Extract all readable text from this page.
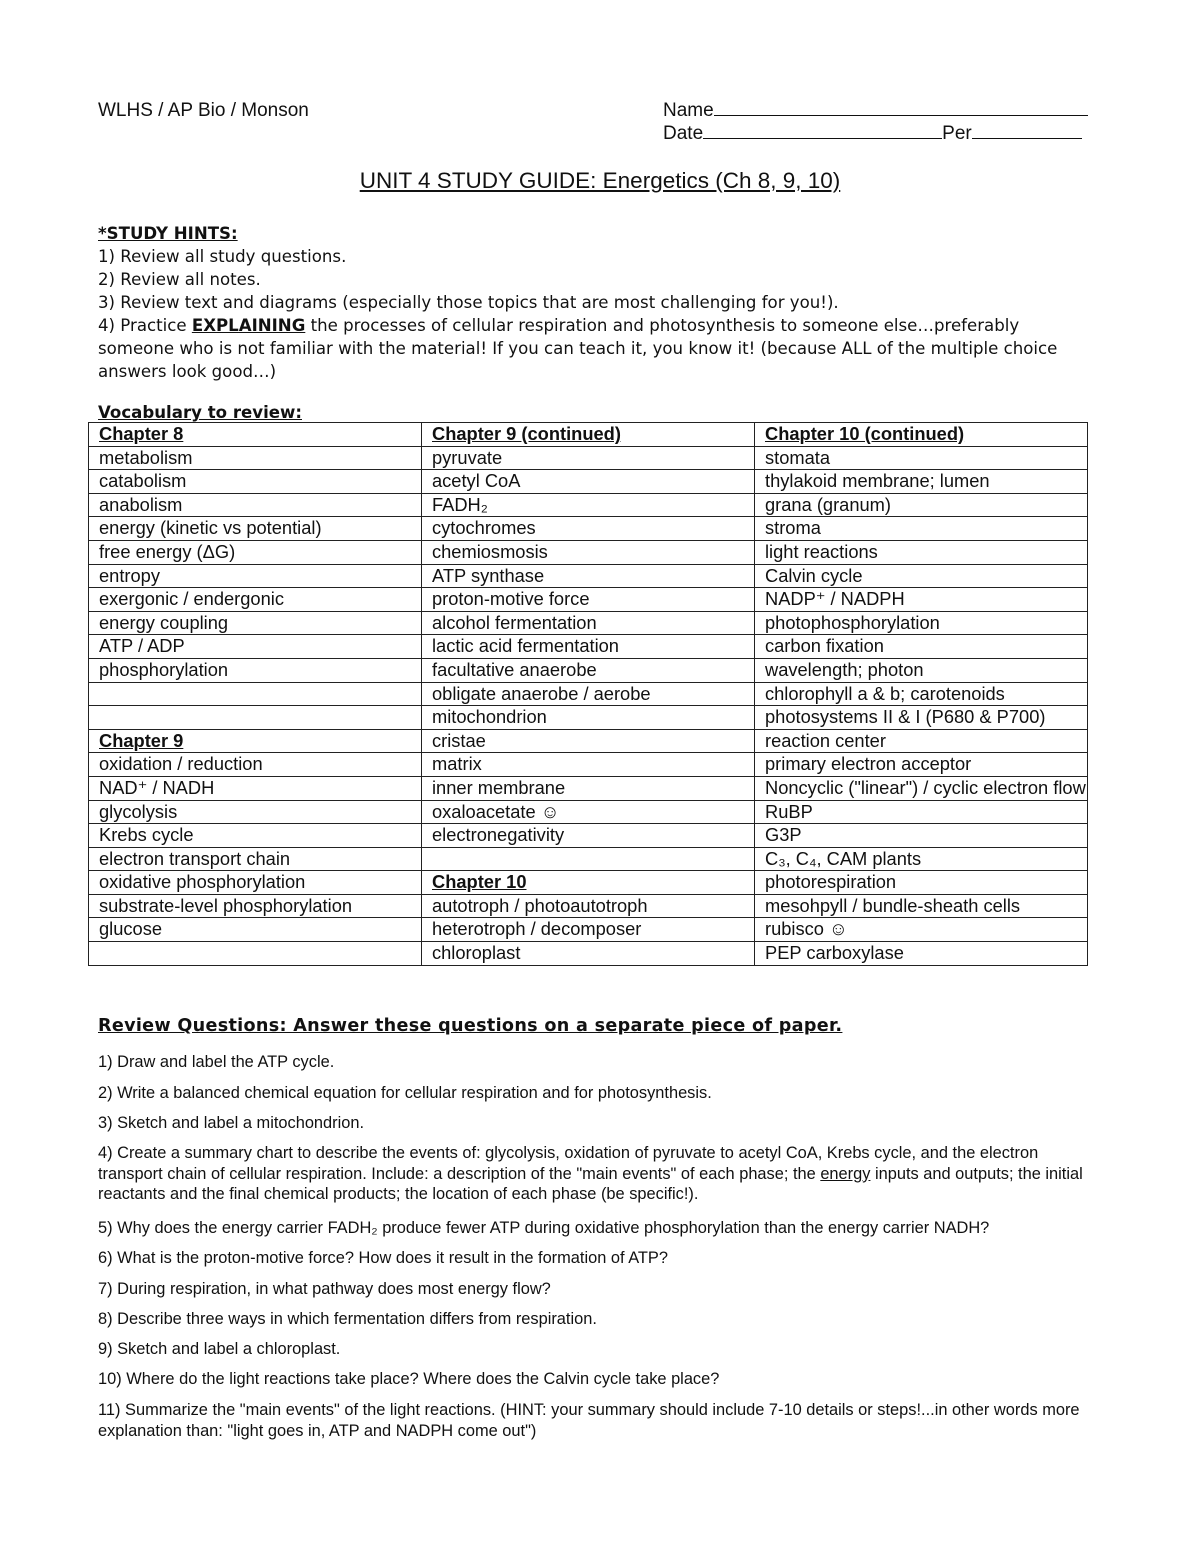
WLHS / AP Bio / Monson	Name
Date	Per
UNIT 4 STUDY GUIDE: Energetics (Ch 8, 9, 10)
*STUDY HINTS:
1) Review all study questions.
2) Review all notes.
3) Review text and diagrams (especially those topics that are most challenging for you!).
4) Practice EXPLAINING the processes of cellular respiration and photosynthesis to someone else…preferably someone who is not familiar with the material! If you can teach it, you know it! (because ALL of the multiple choice answers look good…)
Vocabulary to review:
Chapter 8	Chapter 9 (continued)	Chapter 10 (continued)
metabolism	pyruvate	stomata
catabolism	acetyl CoA	thylakoid membrane; lumen
anabolism	FADH₂	grana (granum)
energy (kinetic vs potential)	cytochromes	stroma
free energy (ΔG)	chemiosmosis	light reactions
entropy	ATP synthase	Calvin cycle
exergonic / endergonic	proton-motive force	NADP⁺ / NADPH
energy coupling	alcohol fermentation	photophosphorylation
ATP / ADP	lactic acid fermentation	carbon fixation
phosphorylation	facultative anaerobe	wavelength; photon
	obligate anaerobe / aerobe	chlorophyll a & b; carotenoids
	mitochondrion	photosystems II & I (P680 & P700)
Chapter 9	cristae	reaction center
oxidation / reduction	matrix	primary electron acceptor
NAD⁺ / NADH	inner membrane	Noncyclic ("linear") / cyclic electron flow
glycolysis	oxaloacetate ☺	RuBP
Krebs cycle	electronegativity	G3P
electron transport chain		C₃, C₄, CAM plants
oxidative phosphorylation	Chapter 10	photorespiration
substrate-level phosphorylation	autotroph / photoautotroph	mesohpyll / bundle-sheath cells
glucose	heterotroph / decomposer	rubisco ☺
	chloroplast	PEP carboxylase
Review Questions: Answer these questions on a separate piece of paper.
1) Draw and label the ATP cycle.
2) Write a balanced chemical equation for cellular respiration and for photosynthesis.
3) Sketch and label a mitochondrion.
4) Create a summary chart to describe the events of: glycolysis, oxidation of pyruvate to acetyl CoA, Krebs cycle, and the electron transport chain of cellular respiration. Include: a description of the "main events" of each phase; the energy inputs and outputs; the initial reactants and the final chemical products; the location of each phase (be specific!).
5) Why does the energy carrier FADH₂ produce fewer ATP during oxidative phosphorylation than the energy carrier NADH?
6) What is the proton-motive force? How does it result in the formation of ATP?
7) During respiration, in what pathway does most energy flow?
8) Describe three ways in which fermentation differs from respiration.
9) Sketch and label a chloroplast.
10) Where do the light reactions take place? Where does the Calvin cycle take place?
11) Summarize the "main events" of the light reactions. (HINT: your summary should include 7-10 details or steps!...in other words more explanation than: "light goes in, ATP and NADPH come out")
